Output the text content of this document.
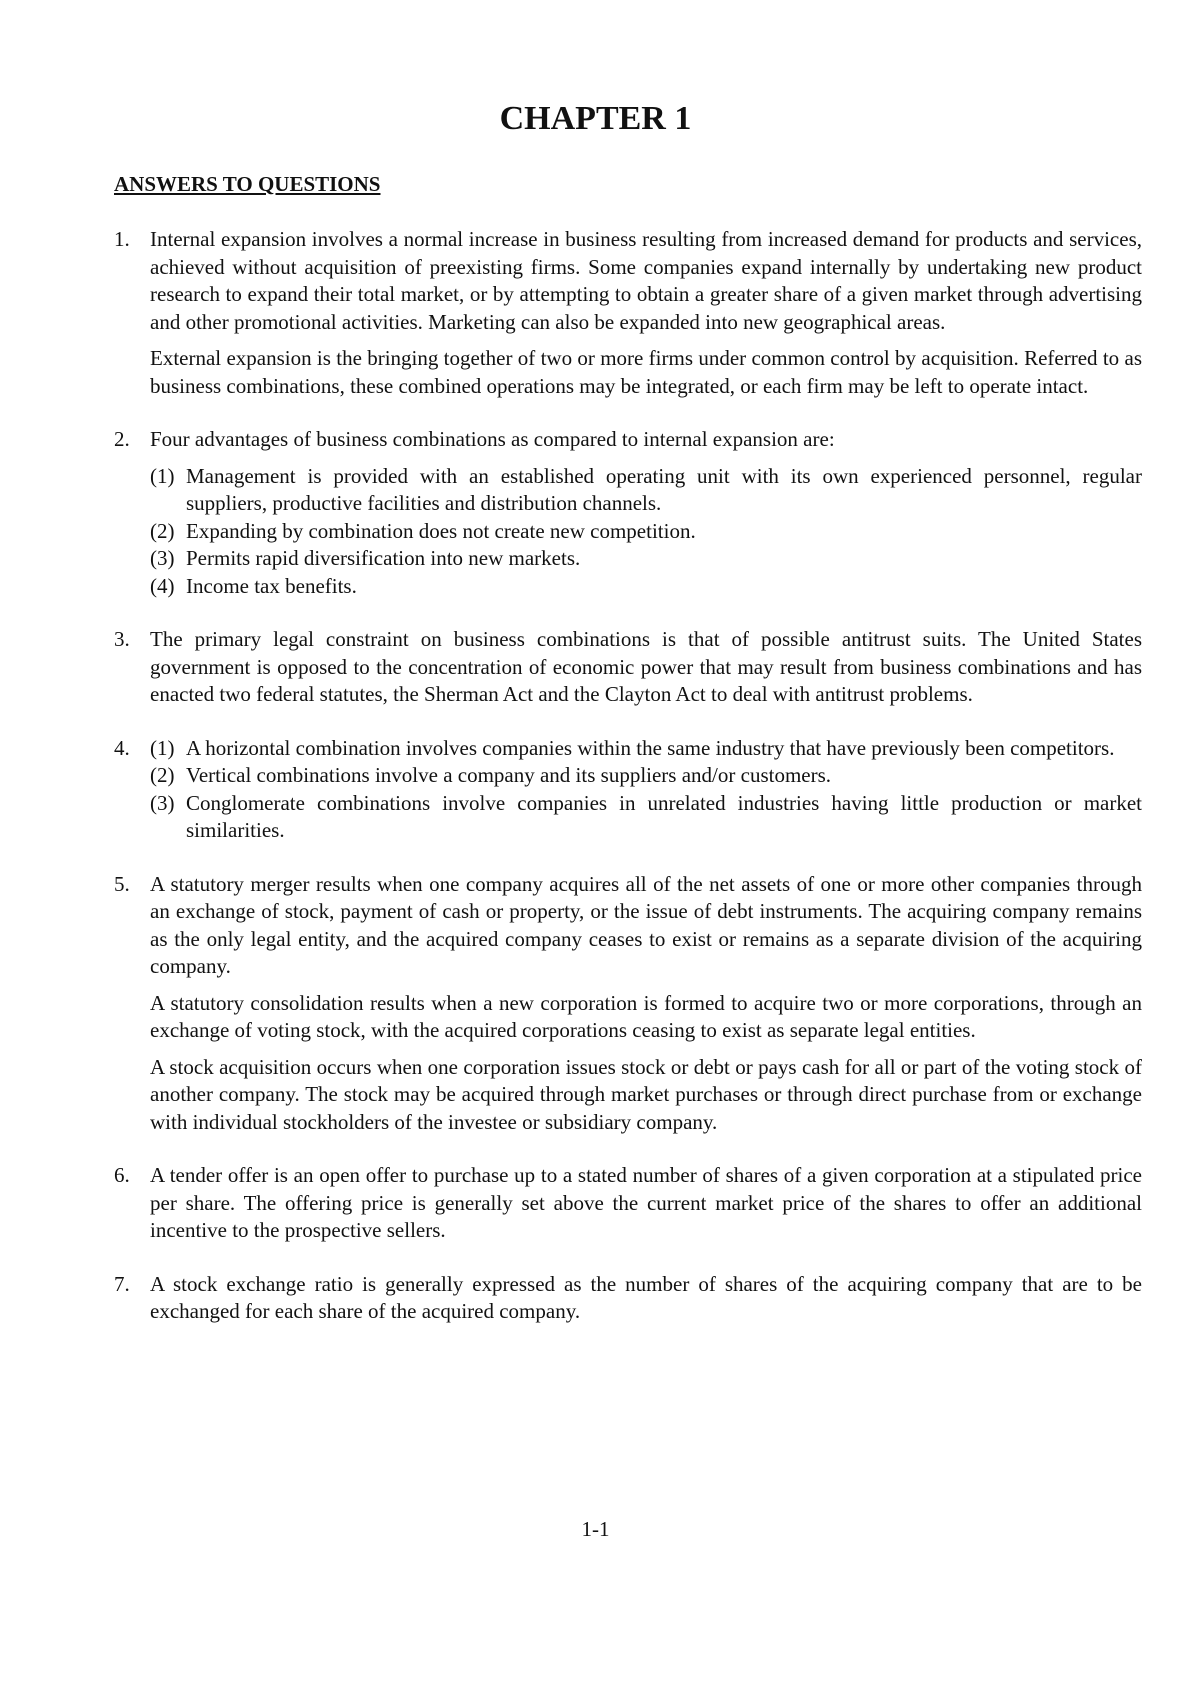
CHAPTER 1
ANSWERS TO QUESTIONS
1. Internal expansion involves a normal increase in business resulting from increased demand for products and services, achieved without acquisition of preexisting firms. Some companies expand internally by undertaking new product research to expand their total market, or by attempting to obtain a greater share of a given market through advertising and other promotional activities. Marketing can also be expanded into new geographical areas.

External expansion is the bringing together of two or more firms under common control by acquisition. Referred to as business combinations, these combined operations may be integrated, or each firm may be left to operate intact.

2. Four advantages of business combinations as compared to internal expansion are:

(1) Management is provided with an established operating unit with its own experienced personnel, regular suppliers, productive facilities and distribution channels.
(2) Expanding by combination does not create new competition.
(3) Permits rapid diversification into new markets.
(4) Income tax benefits.
3. The primary legal constraint on business combinations is that of possible antitrust suits. The United States government is opposed to the concentration of economic power that may result from business combinations and has enacted two federal statutes, the Sherman Act and the Clayton Act to deal with antitrust problems.

4. (1) A horizontal combination involves companies within the same industry that have previously been competitors.
(2) Vertical combinations involve a company and its suppliers and/or customers.
(3) Conglomerate combinations involve companies in unrelated industries having little production or market similarities.
5. A statutory merger results when one company acquires all of the net assets of one or more other companies through an exchange of stock, payment of cash or property, or the issue of debt instruments. The acquiring company remains as the only legal entity, and the acquired company ceases to exist or remains as a separate division of the acquiring company.

A statutory consolidation results when a new corporation is formed to acquire two or more corporations, through an exchange of voting stock, with the acquired corporations ceasing to exist as separate legal entities.

A stock acquisition occurs when one corporation issues stock or debt or pays cash for all or part of the voting stock of another company. The stock may be acquired through market purchases or through direct purchase from or exchange with individual stockholders of the investee or subsidiary company.

6. A tender offer is an open offer to purchase up to a stated number of shares of a given corporation at a stipulated price per share. The offering price is generally set above the current market price of the shares to offer an additional incentive to the prospective sellers.

7. A stock exchange ratio is generally expressed as the number of shares of the acquiring company that are to be exchanged for each share of the acquired company.

1-1
